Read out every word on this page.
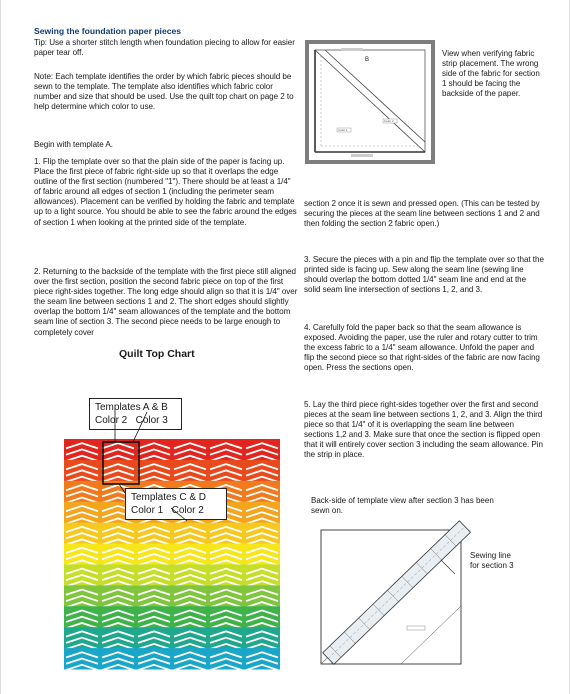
Sewing the foundation paper pieces
Tip: Use a shorter stitch length when foundation piecing to allow for easier paper tear off.
Note: Each template identifies the order by which fabric pieces should be sewn to the template. The template also identifies which fabric color number and size that should be used. Use the quilt top chart on page 2 to help determine which color to use.
Begin with template A.
1. Flip the template over so that the plain side of the paper is facing up. Place the first piece of fabric right-side up so that it overlaps the edge outline of the first section (numbered "1"). There should be at least a 1/4" of fabric around all edges of section 1 (including the perimeter seam allowances). Placement can be verified by holding the fabric and template up to a light source. You should be able to see the fabric around the edges of section 1 when looking at the printed side of the template.
2. Returning to the backside of the template with the first piece still aligned over the first section, position the second fabric piece on top of the first piece right-sides together. The long edge should align so that it is 1/4" over the seam line between sections 1 and 2. The short edges should slightly overlap the bottom 1/4" seam allowances of the template and the bottom seam line of section 3. The second piece needs to be large enough to completely cover
B
Color 2
Color 1
View when verifying fabric strip placement. The wrong side of the fabric for section 1 should be facing the backside of the paper.
section 2 once it is sewn and pressed open. (This can be tested by securing the pieces at the seam line between sections 1 and 2 and then folding the section 2 fabric open.)
3. Secure the pieces with a pin and flip the template over so that the printed side is facing up. Sew along the seam line (sewing line should overlap the bottom dotted 1/4" seam line and end at the solid seam line intersection of sections 1, 2, and 3.
4. Carefully fold the paper back so that the seam allowance is exposed. Avoiding the paper, use the ruler and rotary cutter to trim the excess fabric to a 1/4" seam allowance. Unfold the paper and flip the second piece so that right-sides of the fabric are now facing open. Press the sections open.
5. Lay the third piece right-sides together over the first and second pieces at the seam line between sections 1, 2, and 3. Align the third piece so that 1/4" of it is overlapping the seam line between sections 1,2 and 3. Make sure that once the section is flipped open that it will entirely cover section 3 including the seam allowance. Pin the strip in place.
Back-side of template view after section 3 has been sewn on.
Sewing line for section 3
Quilt Top Chart
Templates A & B
Color 2 Color 3
Templates C & D
Color 1 Color 2
